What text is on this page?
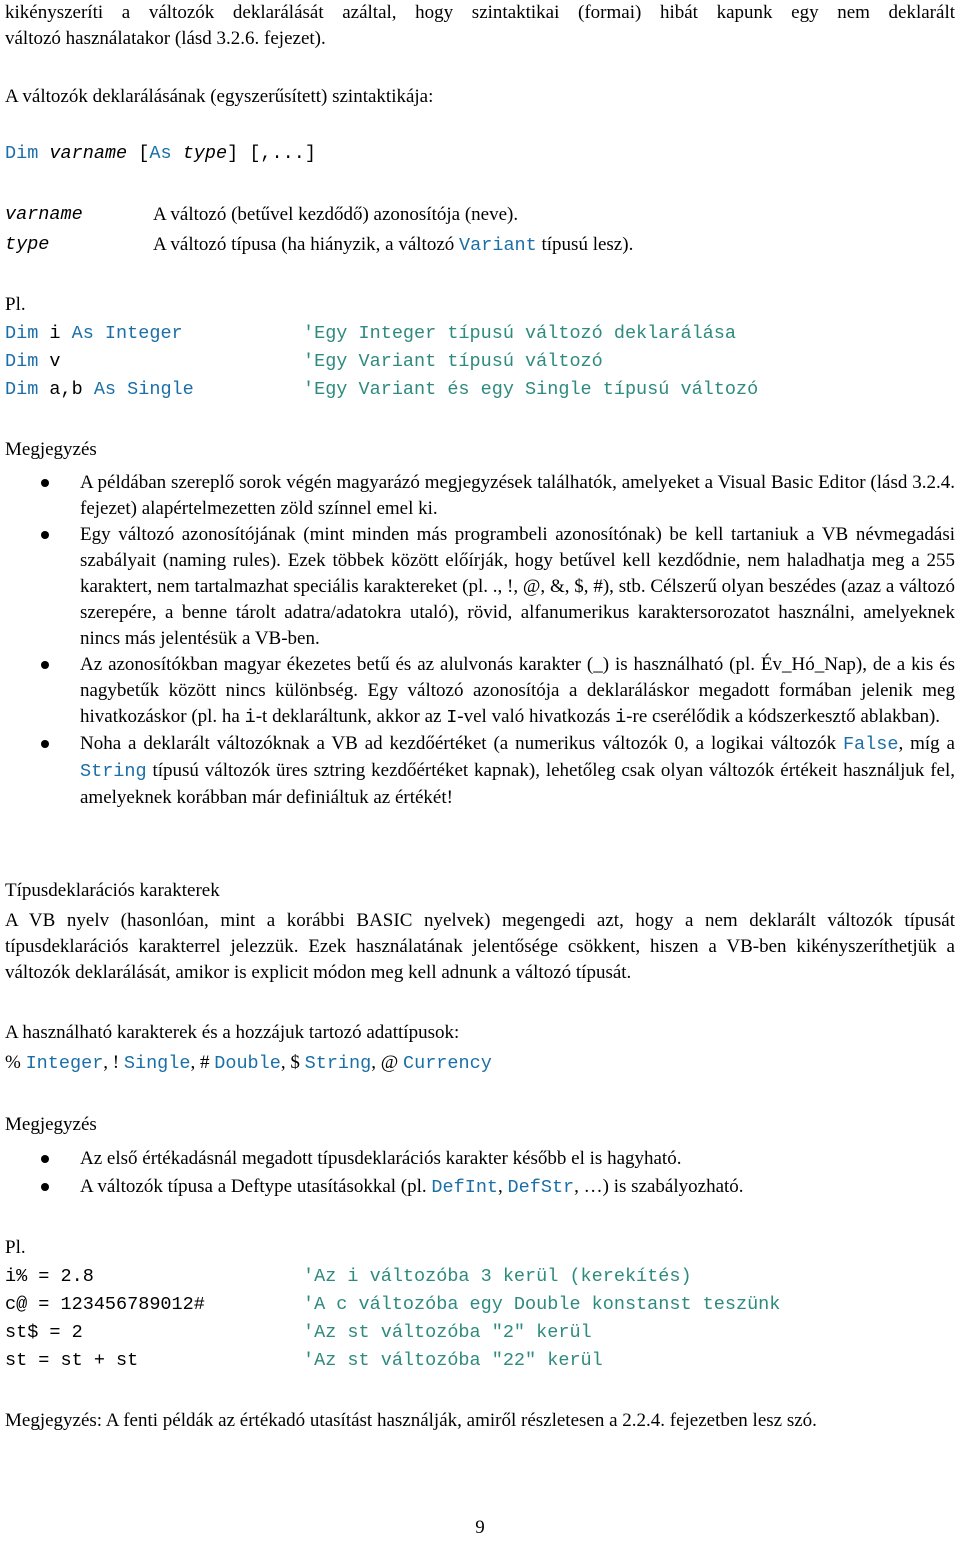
kikényszeríti a változók deklarálását azáltal, hogy szintaktikai (formai) hibát kapunk egy nem deklarált
változó használatakor (lásd 3.2.6. fejezet).
A változók deklarálásának (egyszerűsített) szintaktikája:
Dim varname [As type] [,...]
varname	A változó (betűvel kezdődő) azonosítója (neve).
type	A változó típusa (ha hiányzik, a változó Variant típusú lesz).
Pl.
Dim i As Integer	'Egy Integer típusú változó deklarálása
Dim v	'Egy Variant típusú változó
Dim a,b As Single	'Egy Variant és egy Single típusú változó
Megjegyzés
A példában szereplő sorok végén magyarázó megjegyzések találhatók, amelyeket a Visual Basic Editor (lásd 3.2.4. fejezet) alapértelmezetten zöld színnel emel ki.
Egy változó azonosítójának (mint minden más programbeli azonosítónak) be kell tartaniuk a VB névmegadási szabályait (naming rules). Ezek többek között előírják, hogy betűvel kell kezdődnie, nem haladhatja meg a 255 karaktert, nem tartalmazhat speciális karaktereket (pl. ., !, @, &, $, #), stb. Célszerű olyan beszédes (azaz a változó szerepére, a benne tárolt adatra/adatokra utaló), rövid, alfanumerikus karaktersorozatot használni, amelyeknek nincs más jelentésük a VB-ben.
Az azonosítókban magyar ékezetes betű és az alulvonás karakter (_) is használható (pl. Év_Hó_Nap), de a kis és nagybetűk között nincs különbség. Egy változó azonosítója a deklaráláskor megadott formában jelenik meg hivatkozáskor (pl. ha i-t deklaráltunk, akkor az I-vel való hivatkozás i-re cserélődik a kódszerkesztő ablakban).
Noha a deklarált változóknak a VB ad kezdőértéket (a numerikus változók 0, a logikai változók False, míg a String típusú változók üres sztring kezdőértéket kapnak), lehetőleg csak olyan változók értékeit használjuk fel, amelyeknek korábban már definiáltuk az értékét!
Típusdeklarációs karakterek
A VB nyelv (hasonlóan, mint a korábbi BASIC nyelvek) megengedi azt, hogy a nem deklarált változók típusát típusdeklarációs karakterrel jelezzük. Ezek használatának jelentősége csökkent, hiszen a VB-ben kikényszeríthetjük a változók deklarálását, amikor is explicit módon meg kell adnunk a változó típusát.
A használható karakterek és a hozzájuk tartozó adattípusok:
% Integer, ! Single, # Double, $ String, @ Currency
Megjegyzés
Az első értékadásnál megadott típusdeklarációs karakter később el is hagyható.
A változók típusa a Deftype utasításokkal (pl. DefInt, DefStr, …) is szabályozható.
Pl.
i% = 2.8	'Az i változóba 3 kerül (kerekítés)
c@ = 123456789012#	'A c változóba egy Double konstanst teszünk
st$ = 2	'Az st változóba "2" kerül
st = st + st	'Az st változóba "22" kerül
Megjegyzés: A fenti példák az értékadó utasítást használják, amiről részletesen a 2.2.4. fejezetben lesz szó.
9
